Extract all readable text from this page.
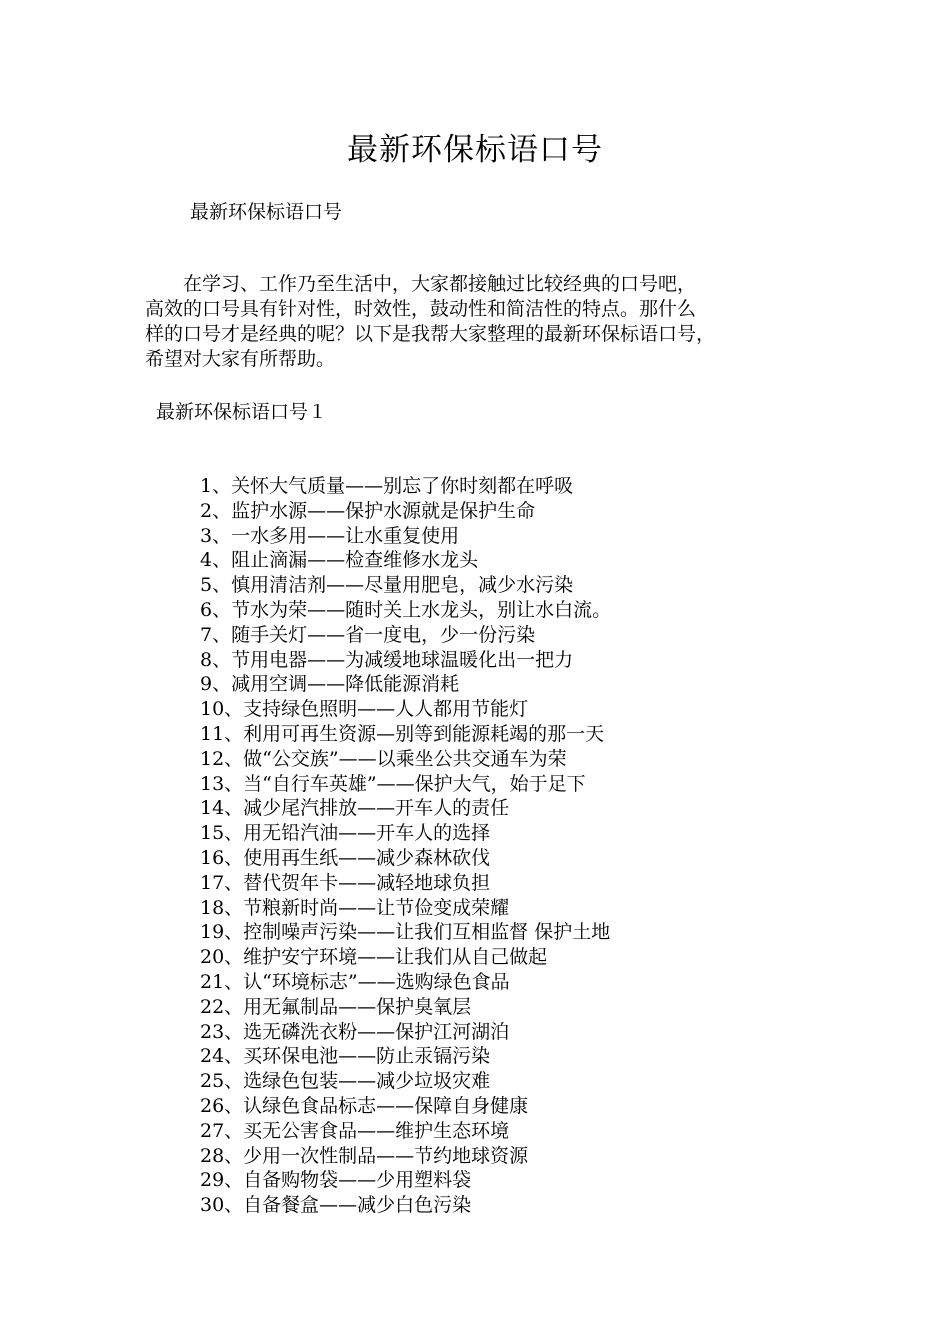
最新环保标语口号

最新环保标语口号

　　在学习、工作乃至生活中，大家都接触过比较经典的口号吧，
高效的口号具有针对性，时效性，鼓动性和简洁性的特点。那什么
样的口号才是经典的呢？以下是我帮大家整理的最新环保标语口号，
希望对大家有所帮助。

最新环保标语口号１
1、关怀大气质量——别忘了你时刻都在呼吸
2、监护水源——保护水源就是保护生命
3、一水多用——让水重复使用
4、阻止滴漏——检查维修水龙头
5、慎用清洁剂——尽量用肥皂，减少水污染
6、节水为荣——随时关上水龙头，别让水白流。
7、随手关灯——省一度电，少一份污染
8、节用电器——为减缓地球温暖化出一把力
9、减用空调——降低能源消耗
10、支持绿色照明——人人都用节能灯
11、利用可再生资源—别等到能源耗竭的那一天
12、做“公交族”——以乘坐公共交通车为荣
13、当“自行车英雄”——保护大气，始于足下
14、减少尾汽排放——开车人的责任
15、用无铅汽油——开车人的选择
16、使用再生纸——减少森林砍伐
17、替代贺年卡——减轻地球负担
18、节粮新时尚——让节俭变成荣耀
19、控制噪声污染——让我们互相监督 保护土地
20、维护安宁环境——让我们从自己做起
21、认“环境标志”——选购绿色食品
22、用无氟制品——保护臭氧层
23、选无磷洗衣粉——保护江河湖泊
24、买环保电池——防止汞镉污染
25、选绿色包装——减少垃圾灾难
26、认绿色食品标志——保障自身健康
27、买无公害食品——维护生态环境
28、少用一次性制品——节约地球资源
29、自备购物袋——少用塑料袋
30、自备餐盒——减少白色污染
